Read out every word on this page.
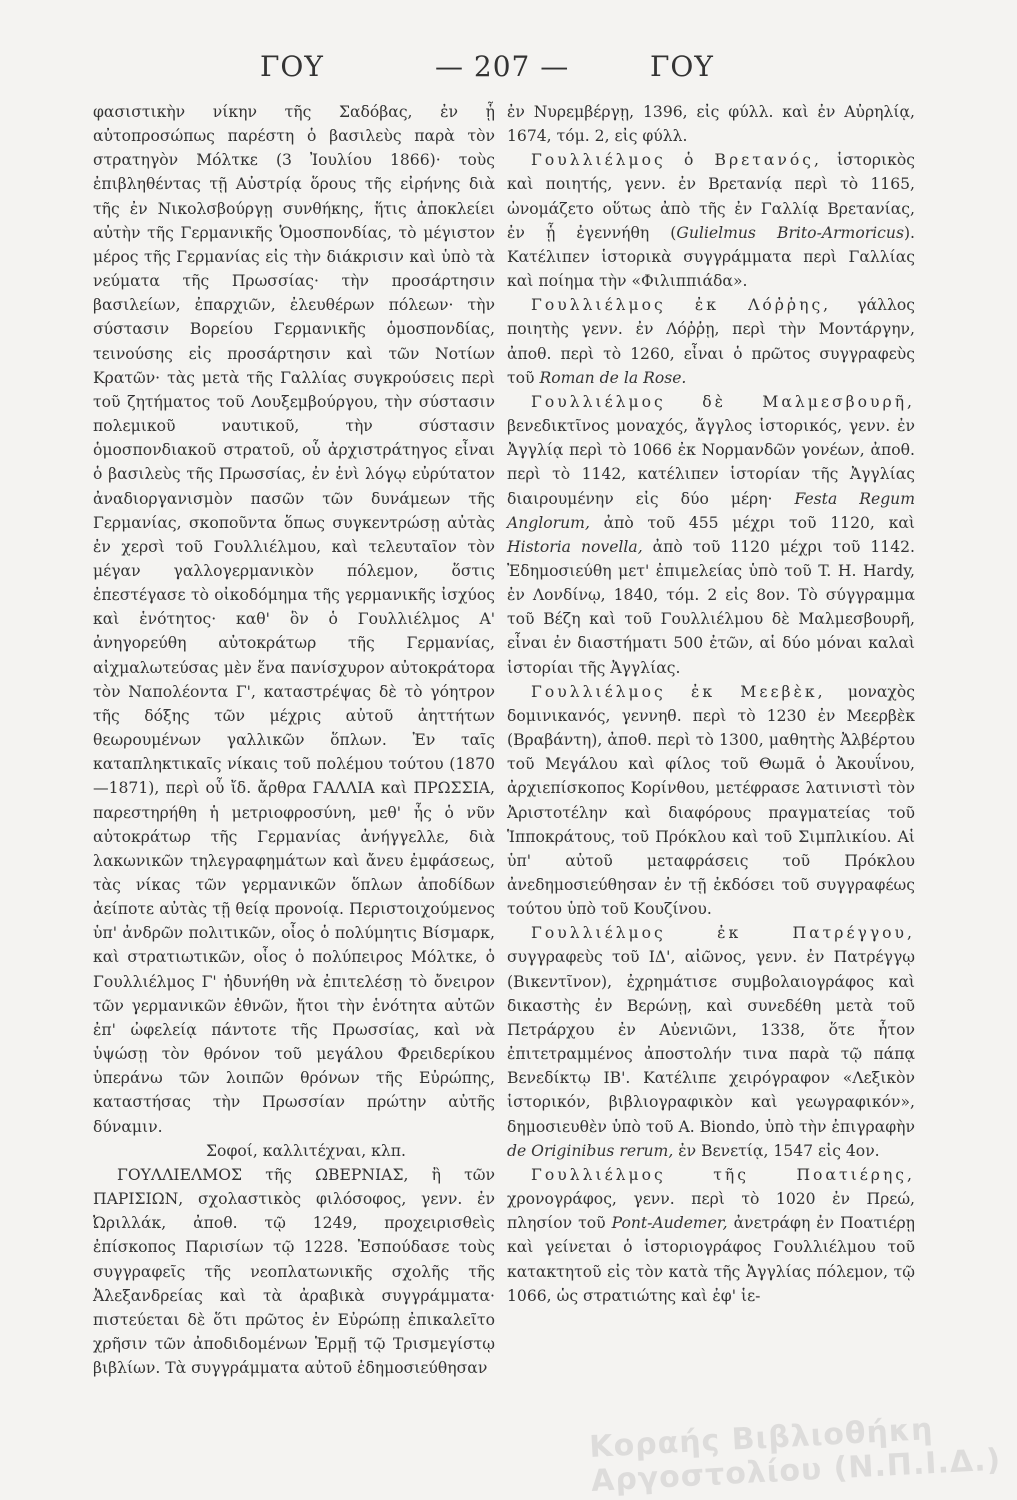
ΓΟΥ	— 207 —	ΓΟΥ

φασιστικὴν νίκην τῆς Σαδόβας, ἐν ᾗ αὐτοπροσώπως παρέστη ὁ βασιλεὺς παρὰ τὸν στρατηγὸν Μόλτκε (3 Ἰουλίου 1866)· τοὺς ἐπιβληθέντας τῇ Αὐστρίᾳ ὅρους τῆς εἰρήνης διὰ τῆς ἐν Νικολσβούργῃ συνθήκης, ἥτις ἀποκλείει αὐτὴν τῆς Γερμανικῆς Ὁμοσπονδίας, τὸ μέγιστον μέρος τῆς Γερμανίας εἰς τὴν διάκρισιν καὶ ὑπὸ τὰ νεύματα τῆς Πρωσσίας· τὴν προσάρτησιν βασιλείων, ἐπαρχιῶν, ἐλευθέρων πόλεων· τὴν σύστασιν Βορείου Γερμανικῆς ὁμοσπονδίας, τεινούσης εἰς προσάρτησιν καὶ τῶν Νοτίων Κρατῶν· τὰς μετὰ τῆς Γαλλίας συγκρούσεις περὶ τοῦ ζητήματος τοῦ Λουξεμβούργου, τὴν σύστασιν πολεμικοῦ ναυτικοῦ, τὴν σύστασιν ὁμοσπονδιακοῦ στρατοῦ, οὗ ἀρχιστράτηγος εἶναι ὁ βασιλεὺς τῆς Πρωσσίας, ἐν ἑνὶ λόγῳ εὐρύτατον ἀναδιοργανισμὸν πασῶν τῶν δυνάμεων τῆς Γερμανίας, σκοποῦντα ὅπως συγκεντρώσῃ αὐτὰς ἐν χερσὶ τοῦ Γουλλιέλμου, καὶ τελευταῖον τὸν μέγαν γαλλογερμανικὸν πόλεμον, ὅστις ἐπεστέγασε τὸ οἰκοδόμημα τῆς γερμανικῆς ἰσχύος καὶ ἑνότητος· καθ' ὃν ὁ Γουλλιέλμος Α' ἀνηγορεύθη αὐτοκράτωρ τῆς Γερμανίας, αἰχμαλωτεύσας μὲν ἕνα πανίσχυρον αὐτοκράτορα τὸν Ναπολέοντα Γ', καταστρέψας δὲ τὸ γόητρον τῆς δόξης τῶν μέχρις αὐτοῦ ἀηττήτων θεωρουμένων γαλλικῶν ὅπλων. Ἐν ταῖς καταπληκτικαῖς νίκαις τοῦ πολέμου τούτου (1870—1871), περὶ οὗ ἴδ. ἄρθρα ΓΑΛΛΙΑ καὶ ΠΡΩΣΣΙΑ, παρεστηρήθη ἡ μετριοφροσύνη, μεθ' ἧς ὁ νῦν αὐτοκράτωρ τῆς Γερμανίας ἀνήγγελλε, διὰ λακωνικῶν τηλεγραφημάτων καὶ ἄνευ ἐμφάσεως, τὰς νίκας τῶν γερμανικῶν ὅπλων ἀποδίδων ἀείποτε αὐτὰς τῇ θείᾳ προνοίᾳ. Περιστοιχούμενος ὑπ' ἀνδρῶν πολιτικῶν, οἷος ὁ πολύμητις Βίσμαρκ, καὶ στρατιωτικῶν, οἷος ὁ πολύπειρος Μόλτκε, ὁ Γουλλιέλμος Γ' ἠδυνήθη νὰ ἐπιτελέσῃ τὸ ὄνειρον τῶν γερμανικῶν ἐθνῶν, ἤτοι τὴν ἑνότητα αὐτῶν ἐπ' ὠφελείᾳ πάντοτε τῆς Πρωσσίας, καὶ νὰ ὑψώσῃ τὸν θρόνον τοῦ μεγάλου Φρειδερίκου ὑπεράνω τῶν λοιπῶν θρόνων τῆς Εὐρώπης, καταστήσας τὴν Πρωσσίαν πρώτην αὐτῆς δύναμιν.

Σοφοί, καλλιτέχναι, κλπ.

ΓΟΥΛΛΙΕΛΜΟΣ τῆς ΩΒΕΡΝΙΑΣ, ἢ τῶν ΠΑΡΙΣΙΩΝ, σχολαστικὸς φιλόσοφος, γενν. ἐν Ὠριλλάκ, ἀποθ. τῷ 1249, προχειρισθεὶς ἐπίσκοπος Παρισίων τῷ 1228. Ἐσπούδασε τοὺς συγγραφεῖς τῆς νεοπλατωνικῆς σχολῆς τῆς Ἀλεξανδρείας καὶ τὰ ἀραβικὰ συγγράμματα· πιστεύεται δὲ ὅτι πρῶτος ἐν Εὐρώπῃ ἐπικαλεῖτο χρῆσιν τῶν ἀποδιδομένων Ἑρμῇ τῷ Τρισμεγίστῳ βιβλίων. Τὰ συγγράμματα αὐτοῦ ἐδημοσιεύθησαν

ἐν Νυρεμβέργῃ, 1396, εἰς φύλλ. καὶ ἐν Αὐρηλίᾳ, 1674, τόμ. 2, εἰς φύλλ.

Γουλλιέλμος ὁ Βρετανός, ἱστορικὸς καὶ ποιητής, γενν. ἐν Βρετανίᾳ περὶ τὸ 1165, ὠνομάζετο οὕτως ἀπὸ τῆς ἐν Γαλλίᾳ Βρετανίας, ἐν ᾗ ἐγεννήθη (Gulielmus Brito-Armoricus). Κατέλιπεν ἱστορικὰ συγγράμματα περὶ Γαλλίας καὶ ποίημα τὴν «Φιλιππιάδα».

Γουλλιέλμος ἐκ Λόῤῥης, γάλλος ποιητὴς γενν. ἐν Λόῤῥῃ, περὶ τὴν Μοντάργην, ἀποθ. περὶ τὸ 1260, εἶναι ὁ πρῶτος συγγραφεὺς τοῦ Roman de la Rose.

Γουλλιέλμος δὲ Μαλμεσβουρῆ, βενεδικτῖνος μοναχός, ἄγγλος ἱστορικός, γενν. ἐν Ἀγγλίᾳ περὶ τὸ 1066 ἐκ Νορμανδῶν γονέων, ἀποθ. περὶ τὸ 1142, κατέλιπεν ἱστορίαν τῆς Ἀγγλίας διαιρουμένην εἰς δύο μέρη· Festa Regum Anglorum, ἀπὸ τοῦ 455 μέχρι τοῦ 1120, καὶ Historia novella, ἀπὸ τοῦ 1120 μέχρι τοῦ 1142. Ἐδημοσιεύθη μετ' ἐπιμελείας ὑπὸ τοῦ T. H. Hardy, ἐν Λονδίνῳ, 1840, τόμ. 2 εἰς 8ον. Τὸ σύγγραμμα τοῦ Βέζη καὶ τοῦ Γουλλιέλμου δὲ Μαλμεσβουρῆ, εἶναι ἐν διαστήματι 500 ἐτῶν, αἱ δύο μόναι καλαὶ ἱστορίαι τῆς Ἀγγλίας.

Γουλλιέλμος ἐκ Μεεβὲκ, μοναχὸς δομινικανός, γεννηθ. περὶ τὸ 1230 ἐν Μεερβὲκ (Βραβάντη), ἀποθ. περὶ τὸ 1300, μαθητὴς Ἀλβέρτου τοῦ Μεγάλου καὶ φίλος τοῦ Θωμᾶ ὁ Ἀκουΐνου, ἀρχιεπίσκοπος Κορίνθου, μετέφρασε λατινιστὶ τὸν Ἀριστοτέλην καὶ διαφόρους πραγματείας τοῦ Ἱπποκράτους, τοῦ Πρόκλου καὶ τοῦ Σιμπλικίου. Αἱ ὑπ' αὐτοῦ μεταφράσεις τοῦ Πρόκλου ἀνεδημοσιεύθησαν ἐν τῇ ἐκδόσει τοῦ συγγραφέως τούτου ὑπὸ τοῦ Κουζίνου.

Γουλλιέλμος ἐκ Πατρέγγου, συγγραφεὺς τοῦ ΙΔ', αἰῶνος, γενν. ἐν Πατρέγγῳ (Βικεντῖνον), ἐχρημάτισε συμβολαιογράφος καὶ δικαστὴς ἐν Βερώνῃ, καὶ συνεδέθη μετὰ τοῦ Πετράρχου ἐν Αὐενιῶνι, 1338, ὅτε ἦτον ἐπιτετραμμένος ἀποστολήν τινα παρὰ τῷ πάπᾳ Βενεδίκτῳ ΙΒ'. Κατέλιπε χειρόγραφον «Λεξικὸν ἱστορικόν, βιβλιογραφικὸν καὶ γεωγραφικόν», δημοσιευθὲν ὑπὸ τοῦ A. Biondo, ὑπὸ τὴν ἐπιγραφὴν de Originibus rerum, ἐν Βενετίᾳ, 1547 εἰς 4ον.

Γουλλιέλμος τῆς Ποατιέρης, χρονογράφος, γενν. περὶ τὸ 1020 ἐν Πρεώ, πλησίον τοῦ Pont-Audemer, ἀνετράφη ἐν Ποατιέρῃ καὶ γείνεται ὁ ἱστοριογράφος Γουλλιέλμου τοῦ κατακτητοῦ εἰς τὸν κατὰ τῆς Ἀγγλίας πόλεμον, τῷ 1066, ὡς στρατιώτης καὶ ἐφ' ἱε-

Κοραής Βιβλιοθήκη Αργοστολίου (Ν.Π.Ι.Δ.)
